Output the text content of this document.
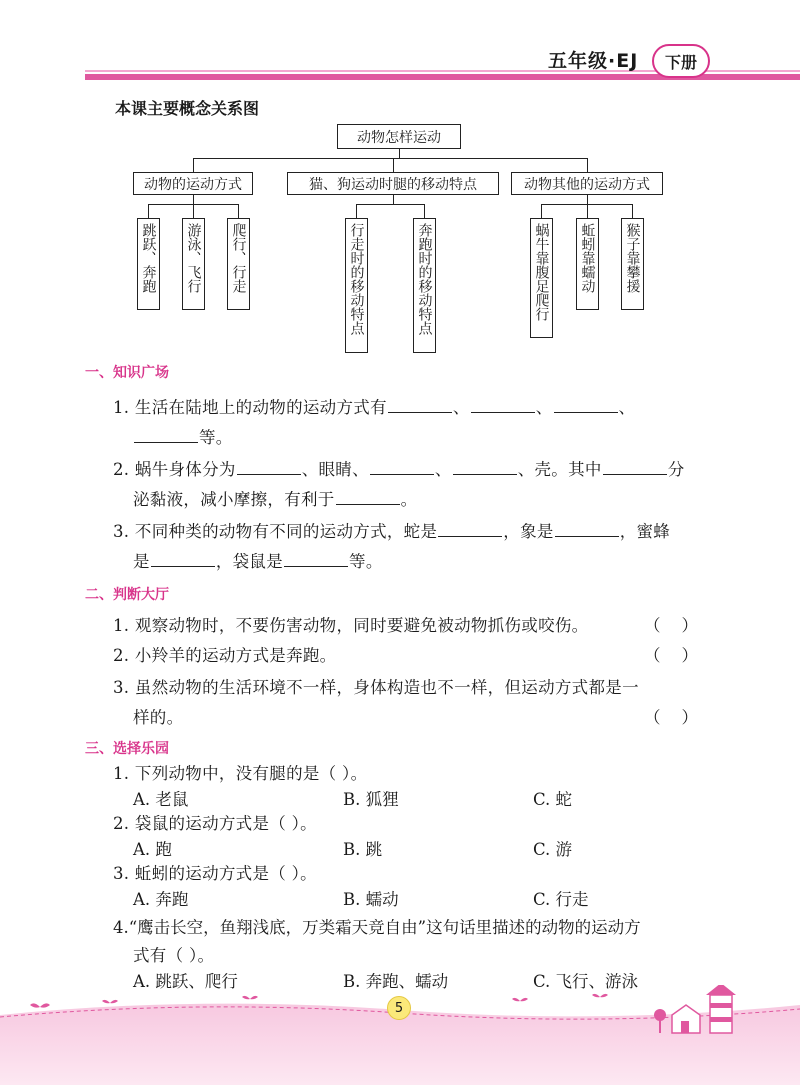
五年级·EJ	下册
本课主要概念关系图
动物怎样运动
动物的运动方式	猫、狗运动时腿的移动特点	动物其他的运动方式
跳跃、奔跑 游泳、飞行 爬行、行走	行走时的移动特点	奔跑时的移动特点	蜗牛靠腹足爬行 蚯蚓靠蠕动 猴子靠攀援
一、知识广场
1. 生活在陆地上的动物的运动方式有	、	、	、
等。
2. 蜗牛身体分为	、眼睛、	、	、壳。其中	分
泌黏液，减小摩擦，有利于	。
3. 不同种类的动物有不同的运动方式，蛇是	，象是	，蜜蜂
是	，袋鼠是	等。
二、判断大厅
1. 观察动物时，不要伤害动物，同时要避免被动物抓伤或咬伤。	（    ）
2. 小羚羊的运动方式是奔跑。	（    ）
3. 虽然动物的生活环境不一样，身体构造也不一样，但运动方式都是一
样的。	（    ）
三、选择乐园
1. 下列动物中，没有腿的是（ ）。
A. 老鼠	B. 狐狸	C. 蛇
2. 袋鼠的运动方式是（ ）。
A. 跑	B. 跳	C. 游
3. 蚯蚓的运动方式是（ ）。
A. 奔跑	B. 蠕动	C. 行走
4.“鹰击长空，鱼翔浅底，万类霜天竞自由”这句话里描述的动物的运动方
式有（ ）。
A. 跳跃、爬行	B. 奔跑、蠕动	C. 飞行、游泳
5
